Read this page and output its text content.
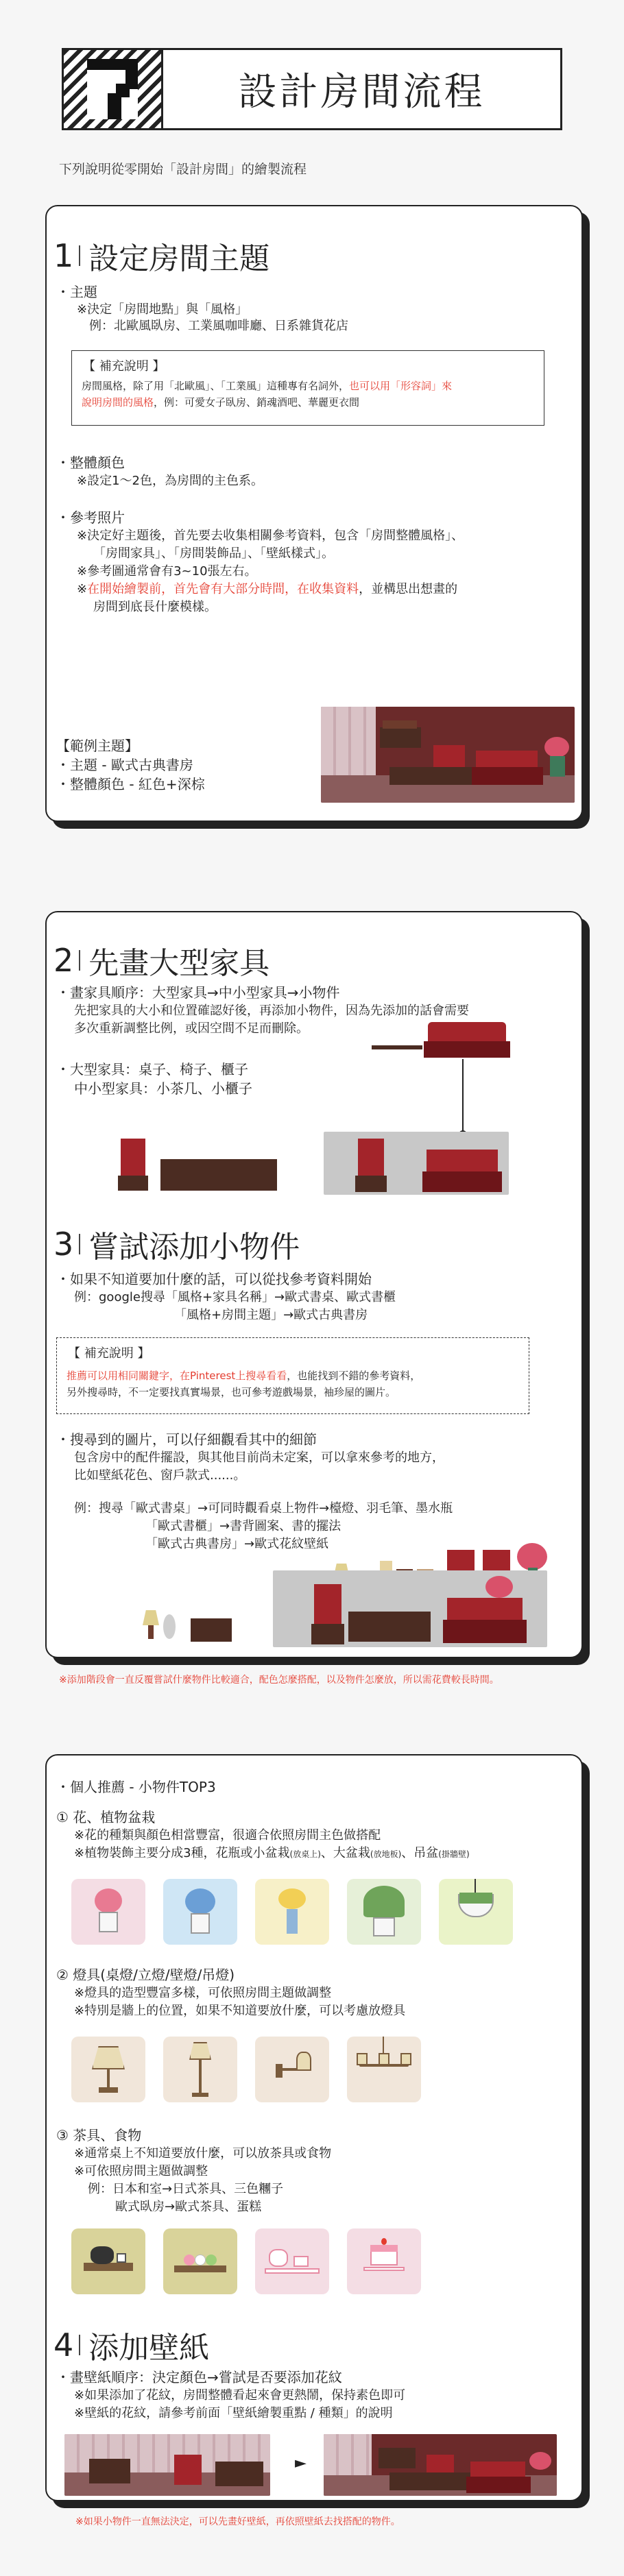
設計房間流程
下列說明從零開始「設計房間」的繪製流程
1 設定房間主題
・主題
※決定「房間地點」與「風格」
例：北歐風臥房、工業風咖啡廳、日系雜貨花店
【 補充說明 】
房間風格，除了用「北歐風」、「工業風」這種專有名詞外，也可以用「形容詞」來
說明房間的風格，例：可愛女子臥房、銷魂酒吧、華麗更衣間
・整體顏色
※設定1～2色，為房間的主色系。
・參考照片
※決定好主題後，首先要去收集相關參考資料，包含「房間整體風格」、
「房間家具」、「房間裝飾品」、「壁紙樣式」。
※參考圖通常會有3~10張左右。
※在開始繪製前，首先會有大部分時間，在收集資料，並構思出想畫的
房間到底長什麼模樣。
【範例主題】
・主題 - 歐式古典書房
・整體顏色 - 紅色+深棕
2 先畫大型家具
・畫家具順序：大型家具→中小型家具→小物件
先把家具的大小和位置確認好後，再添加小物件，因為先添加的話會需要
多次重新調整比例，或因空間不足而刪除。
・大型家具：桌子、椅子、櫃子
中小型家具：小茶几、小櫃子
3 嘗試添加小物件
・如果不知道要加什麼的話，可以從找參考資料開始
例：google搜尋「風格+家具名稱」→歐式書桌、歐式書櫃
「風格+房間主題」→歐式古典書房
【 補充說明 】
推薦可以用相同關鍵字，在Pinterest上搜尋看看，也能找到不錯的參考資料，
另外搜尋時，不一定要找真實場景，也可參考遊戲場景，袖珍屋的圖片。
・搜尋到的圖片，可以仔細觀看其中的細節
包含房中的配件擺設，與其他目前尚未定案，可以拿來參考的地方，
比如壁紙花色、窗戶款式......。
例：搜尋「歐式書桌」→可同時觀看桌上物件→檯燈、羽毛筆、墨水瓶
「歐式書櫃」→書背圖案、書的擺法
「歐式古典書房」→歐式花紋壁紙
※添加階段會一直反覆嘗試什麼物件比較適合，配色怎麼搭配，以及物件怎麼放，所以需花費較長時間。
・個人推薦 - 小物件TOP3
① 花、植物盆栽
※花的種類與顏色相當豐富，很適合依照房間主色做搭配
※植物裝飾主要分成3種，花瓶或小盆栽(放桌上)、大盆栽(放地板)、吊盆(掛牆壁)
② 燈具(桌燈/立燈/壁燈/吊燈)
※燈具的造型豐富多樣，可依照房間主題做調整
※特別是牆上的位置，如果不知道要放什麼，可以考慮放燈具
③ 茶具、食物
※通常桌上不知道要放什麼，可以放茶具或食物
※可依照房間主題做調整
例：日本和室→日式茶具、三色糰子
歐式臥房→歐式茶具、蛋糕
4 添加壁紙
・畫壁紙順序：決定顏色→嘗試是否要添加花紋
※如果添加了花紋，房間整體看起來會更熱鬧，保持素色即可
※壁紙的花紋，請參考前面「壁紙繪製重點 / 種類」的說明
►
※如果小物件一直無法決定，可以先畫好壁紙，再依照壁紙去找搭配的物件。
